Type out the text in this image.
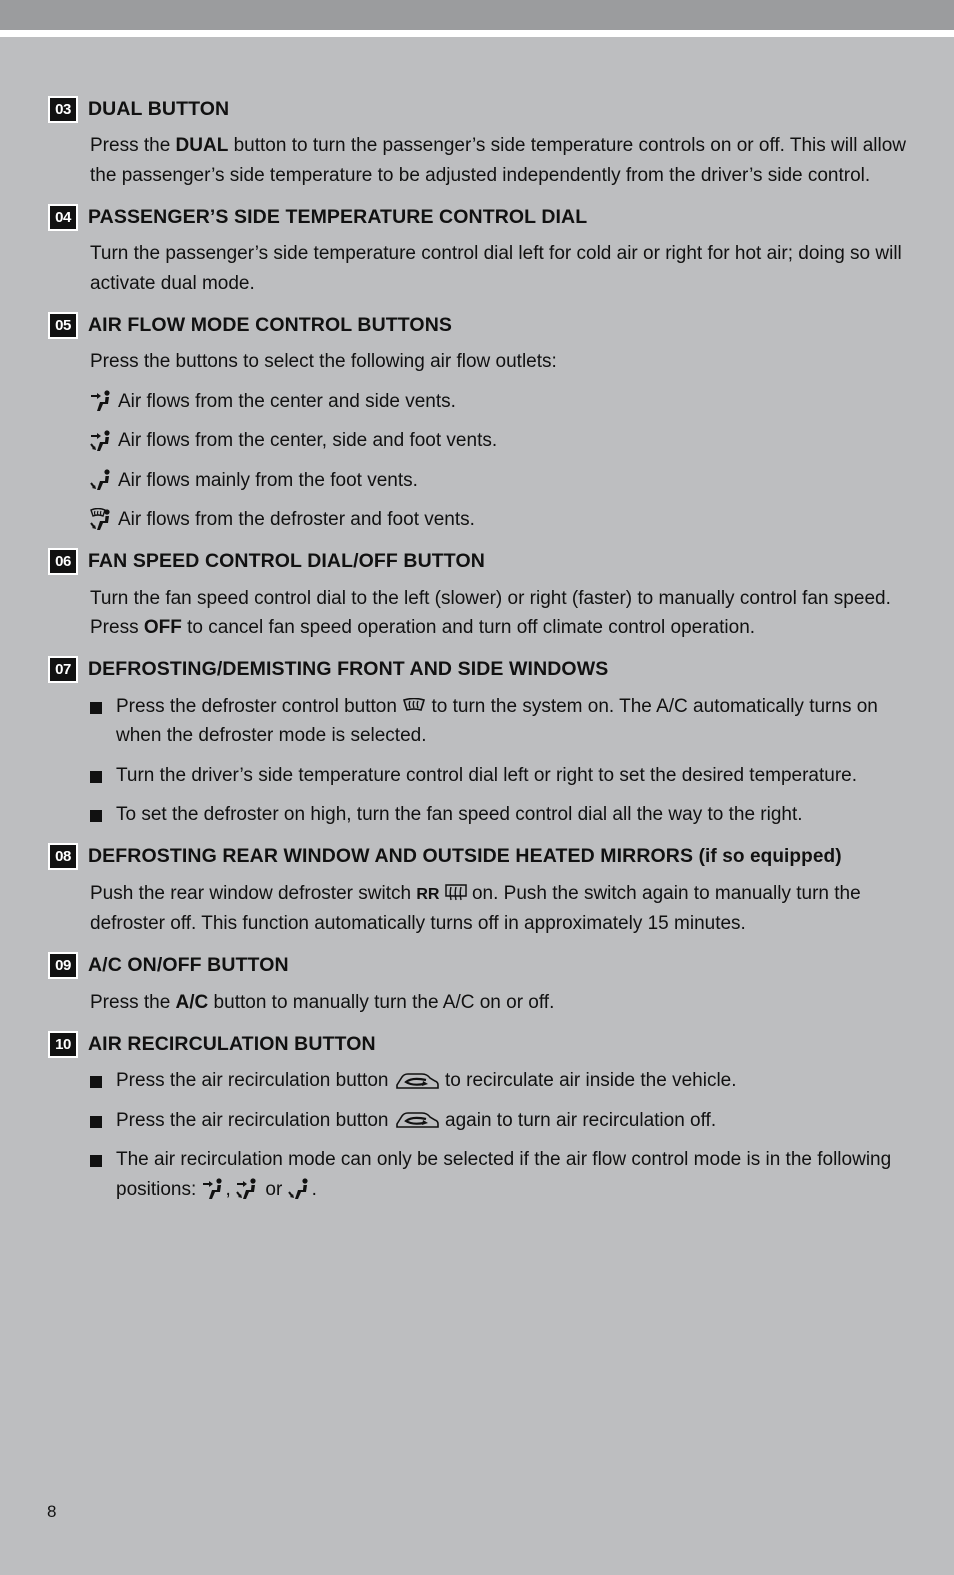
03 DUAL BUTTON

Press the DUAL button to turn the passenger’s side temperature controls on or off. This will allow the passenger’s side temperature to be adjusted independently from the driver’s side control.

04 PASSENGER’S SIDE TEMPERATURE CONTROL DIAL

Turn the passenger’s side temperature control dial left for cold air or right for hot air; doing so will activate dual mode.

05 AIR FLOW MODE CONTROL BUTTONS

Press the buttons to select the following air flow outlets:

Air flows from the center and side vents.
Air flows from the center, side and foot vents.
Air flows mainly from the foot vents.
Air flows from the defroster and foot vents.
06 FAN SPEED CONTROL DIAL/OFF BUTTON

Turn the fan speed control dial to the left (slower) or right (faster) to manually control fan speed. Press OFF to cancel fan speed operation and turn off climate control operation.

07 DEFROSTING/DEMISTING FRONT AND SIDE WINDOWS
Press the defroster control button  to turn the system on. The A/C automatically turns on when the defroster mode is selected.
Turn the driver’s side temperature control dial left or right to set the desired temperature.
To set the defroster on high, turn the fan speed control dial all the way to the right.
08 DEFROSTING REAR WINDOW AND OUTSIDE HEATED MIRRORS (if so equipped)

Push the rear window defroster switch RR  on. Push the switch again to manually turn the defroster off. This function automatically turns off in approximately 15 minutes.

09 A/C ON/OFF BUTTON

Press the A/C button to manually turn the A/C on or off.

10 AIR RECIRCULATION BUTTON
Press the air recirculation button  to recirculate air inside the vehicle.
Press the air recirculation button  again to turn air recirculation off.
The air recirculation mode can only be selected if the air flow control mode is in the following positions: ,  or .
8
